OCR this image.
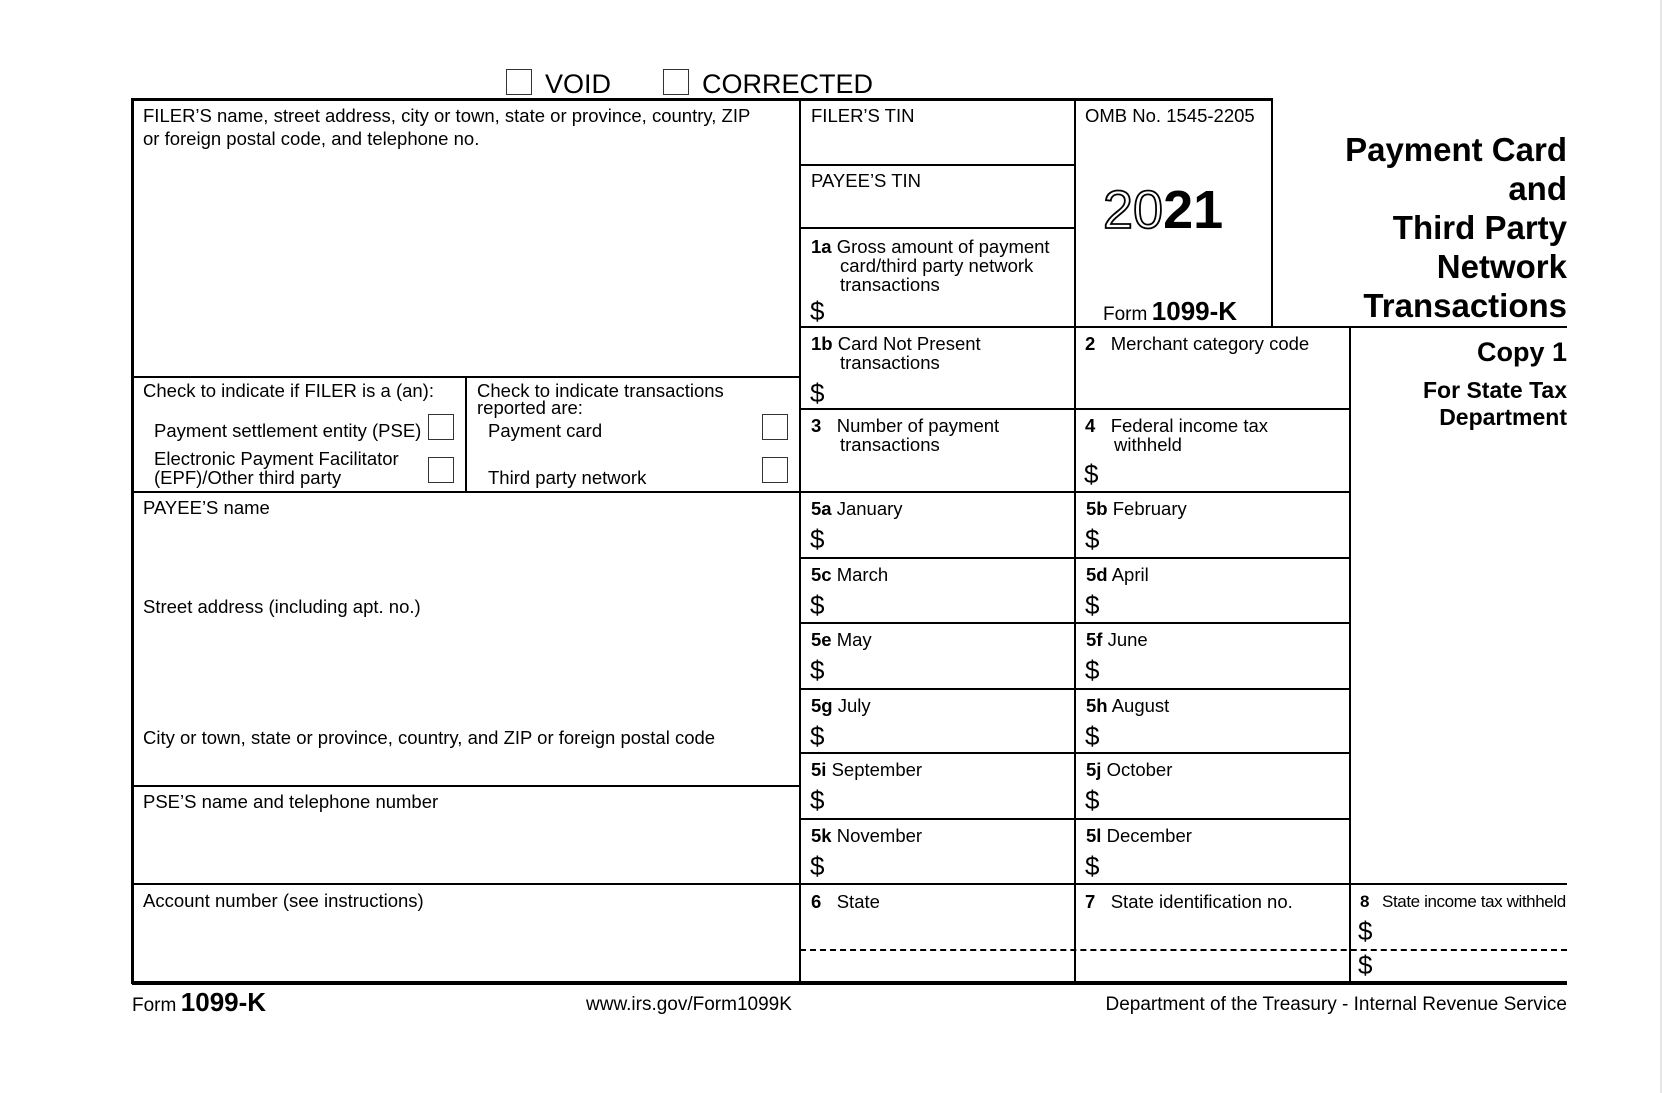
VOID	CORRECTED
FILER’S name, street address, city or town, state or province, country, ZIP
or foreign postal code, and telephone no.
Check to indicate if FILER is a (an):
Payment settlement entity (PSE)
Electronic Payment Facilitator
(EPF)/Other third party
Check to indicate transactions
reported are:
Payment card
Third party network
PAYEE’S name
Street address (including apt. no.)
City or town, state or province, country, and ZIP or foreign postal code
PSE’S name and telephone number
Account number (see instructions)
FILER’S TIN
PAYEE’S TIN
1a Gross amount of payment
card/third party network
transactions
$
OMB No. 1545-2205
2021
Form 1099-K
Payment Card and
Third Party
Network
Transactions
Copy 1
For State Tax
Department
1b Card Not Present
transactions
$
2 Merchant category code
3 Number of payment
transactions
4 Federal income tax
withheld
$
5a January
$
5b February
$
5c March
$
5d April
$
5e May
$
5f June
$
5g July
$
5h August
$
5i September
$
5j October
$
5k November
$
5l December
$
6 State	7 State identification no.	8 State income tax withheld
$
$
Form 1099-K	www.irs.gov/Form1099K	Department of the Treasury - Internal Revenue Service
